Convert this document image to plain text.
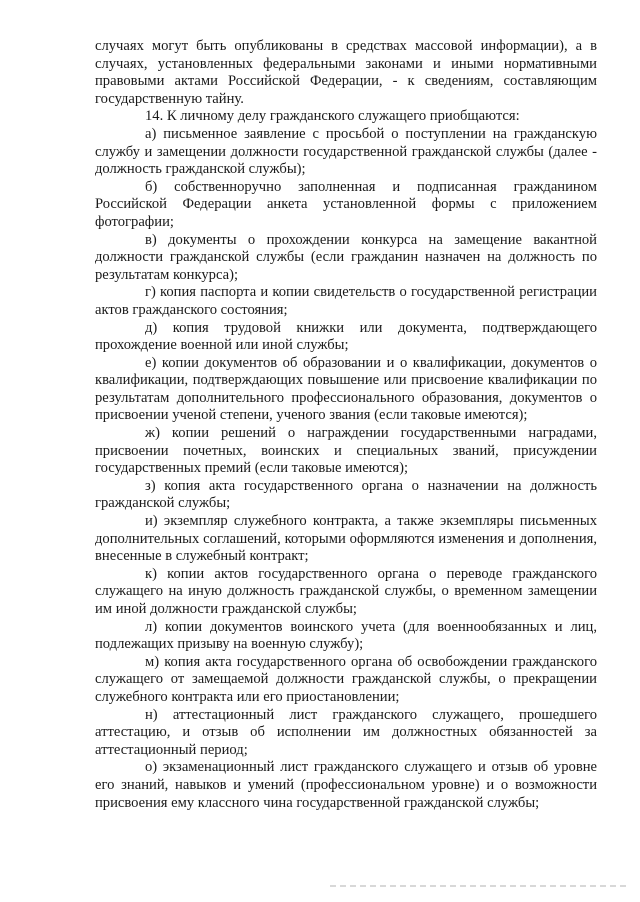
случаях могут быть опубликованы в средствах массовой информации), а в случаях, установленных федеральными законами и иными нормативными правовыми актами Российской Федерации, - к сведениям, составляющим государственную тайну.

14. К личному делу гражданского служащего приобщаются:

а) письменное заявление с просьбой о поступлении на гражданскую службу и замещении должности государственной гражданской службы (далее - должность гражданской службы);

б) собственноручно заполненная и подписанная гражданином Российской Федерации анкета установленной формы с приложением фотографии;

в) документы о прохождении конкурса на замещение вакантной должности гражданской службы (если гражданин назначен на должность по результатам конкурса);

г) копия паспорта и копии свидетельств о государственной регистрации актов гражданского состояния;

д) копия трудовой книжки или документа, подтверждающего прохождение военной или иной службы;

е) копии документов об образовании и о квалификации, документов о квалификации, подтверждающих повышение или присвоение квалификации по результатам дополнительного профессионального образования, документов о присвоении ученой степени, ученого звания (если таковые имеются);

ж) копии решений о награждении государственными наградами, присвоении почетных, воинских и специальных званий, присуждении государственных премий (если таковые имеются);

з) копия акта государственного органа о назначении на должность гражданской службы;

и) экземпляр служебного контракта, а также экземпляры письменных дополнительных соглашений, которыми оформляются изменения и дополнения, внесенные в служебный контракт;

к) копии актов государственного органа о переводе гражданского служащего на иную должность гражданской службы, о временном замещении им иной должности гражданской службы;

л) копии документов воинского учета (для военнообязанных и лиц, подлежащих призыву на военную службу);

м) копия акта государственного органа об освобождении гражданского служащего от замещаемой должности гражданской службы, о прекращении служебного контракта или его приостановлении;

н) аттестационный лист гражданского служащего, прошедшего аттестацию, и отзыв об исполнении им должностных обязанностей за аттестационный период;

о) экзаменационный лист гражданского служащего и отзыв об уровне его знаний, навыков и умений (профессиональном уровне) и о возможности присвоения ему классного чина государственной гражданской службы;
